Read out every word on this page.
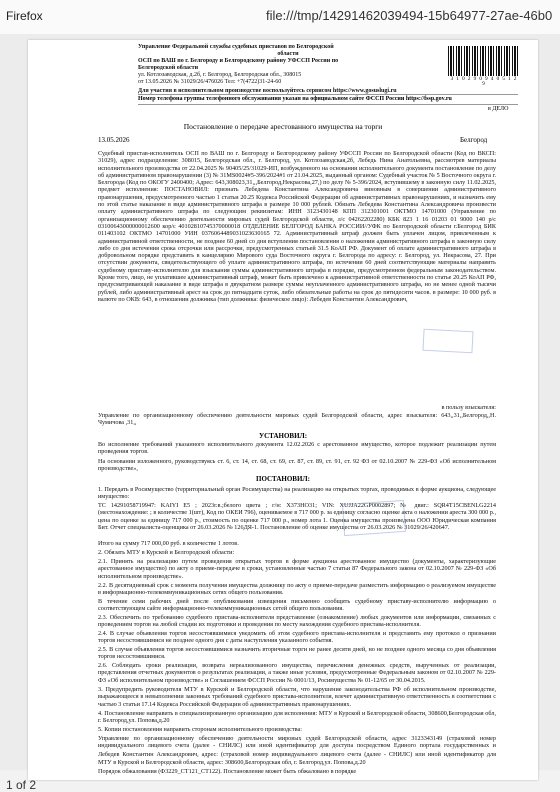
Firefox	file:///tmp/14291462039494-15b64977-27ae-46b0
Управление Федеральной службы судебных приставов по Белгородской
области
ОСП по ВАШ по г. Белгороду и Белгородскому району УФССП России по
Белгородской области
ул. Котлозаводская, д.2б, г. Белгород, Белгородская обл., 308015
от 13.05.2026 № 31029/26/476026 Тел: +7(4722)31-24-60
Для участия в исполнительном производстве воспользуйтесь сервисом https://www.gosuslugi.ru
3 1 0 2 9 0 9 4 0 5 1 2 9
Номер телефона группы телефонного обслуживания указан на официальном сайте ФССП России https://fssp.gov.ru
в ДЕЛО
Постановление о передаче арестованного имущества на торги
13.05.2026	Белгород
Судебный пристав-исполнитель ОСП по ВАШ по г. Белгороду и Белгородскому району УФССП России по Белгородской области (Код по ВКСП: 31029), адрес подразделения: 308015, Белгородская обл., г. Белгород, ул. Котлозаводская,2б, Лебедь Нина Анатольевна, рассмотрев материалы исполнительного производства от 22.04.2025 № 90405/25/31029-ИП, возбужденного на основании исполнительного документа постановление по делу об административном правонарушении (3) № 31MS0024#5-396/2024#1 от 21.04.2025, выданный органом: Судебный участок № 5 Восточного округа г. Белгорода (Код по ОКОГУ 2400400; Адрес: 643,308023,31,,,Белгород,Некрасова,27,) по делу № 5-396/2024, вступившему в законную силу 11.02.2025, предмет исполнения: ПОСТАНОВИЛ: признать Лебедева Константина Александровича виновным в совершении административного правонарушения, предусмотренного частью 1 статьи 20.25 Кодекса Российской Федерации об административных правонарушениях, и назначить ему по этой статье наказание в виде административного штрафа в размере 10 000 рублей. Обязать Лебедева Константина Александровича произвести оплату административного штрафа по следующим реквизитам: ИНН 3123430148 КПП 312301001 ОКТМО 14701000 (Управление по организационному обеспечению деятельности мировых судей Белгородской области, л/с 04262202280) КБК 823 1 16 01203 01 9000 140 р/с 03100643000000012600 кор/с 40102810745370000018 ОТДЕЛЕНИЕ БЕЛГОРОД БАНКА РОССИИ//УФК по Белгородской области г.Белгород БИК 011403102 ОКТМО 14701000 УИН 0376064489031023630165 72. Административный штраф должен быть уплачен лицом, привлеченным к административной ответственности, не позднее 60 дней со дня вступления постановления о наложении административного штрафа в законную силу либо со дня истечения срока отсрочки или рассрочки, предусмотренных статьей 31.5 КоАП РФ. Документ об оплате административного штрафа в добровольном порядке представить в канцелярию Мирового суда Восточного округа г. Белгорода по адресу: г. Белгород, ул. Некрасова, 27. При отсутствии документа, свидетельствующего об уплате административного штрафа, по истечении 60 дней соответствующие материалы направить судебному приставу-исполнителю для взыскания суммы административного штрафа в порядке, предусмотренном федеральным законодательством. Кроме того, лицо, не уплатившее административный штраф, может быть привлечено к административной ответственности по статье 20.25 КоАП РФ, предусматривающей наказание в виде штрафа в двукратном размере суммы неуплаченного административного штрафа, но не менее одной тысячи рублей, либо административный арест на срок до пятнадцати суток, либо обязательные работы на срок до пятидесяти часов. в размере: 10 000 руб. в валюте по ОКВ: 643, в отношении должника (тип должника: физическое лицо): Лебедев Константин Александрович,
в пользу взыскателя:
Управление по организационному обеспечению деятельности мировых судей Белгородской области, адрес взыскателя: 643,,31,,Белгород,,Н. Чумичова ,31,,
УСТАНОВИЛ:
Во исполнение требований указанного исполнительного документа 12.02.2026 с арестованное имущество, которое подлежит реализации путем проведения торгов.
На основании изложенного, руководствуясь ст. 6, ст. 14, ст. 68, ст. 69, ст. 87, ст. 89, ст. 91, ст. 92 ФЗ от 02.10.2007 № 229-ФЗ «Об исполнительном производстве»,
ПОСТАНОВИЛ:
1. Передать в Росимущество (территориальный орган Росимущества) на реализацию на открытых торгах, проводимых в форме аукциона, следующее имущество:
ТС 14291058719947: KAIYI E5 ; 2023г.в.;белого цвета ; г/н: X373НО31; VIN: XUJJA22GP0002897; № двиг.: SQR4T15CBENLG2214 (местонахождение: ; в количестве 1(шт), Код по ОКЕИ 796), оцениваемое в 717 000 р. за единицу согласно оценке акта о наложении ареста 300 000 р., цена по оценке за единицу 717 000 р., стоимость по оценке 717 000 р., номер лота 1. Оценка имущества произведена ООО Юридическая компания Бит. Отчет специалиста-оценщика от 26.03.2026 № 126ДЯ-1. Постановление об оценке имущества от 26.03.2026 № 31029/26/420647.
Итого на сумму 717 000,00 руб. в количестве 1 лотов.
2. Обязать МТУ в Курской и Белгородской области:
2.1. Принять на реализацию путем проведения открытых торгов в форме аукциона арестованное имущество (документы, характеризующие арестованное имущество) по акту о приеме-передаче в сроки, установленные частью 7 статьи 87 Федерального закона от 02.10.2007 № 229-ФЗ «Об исполнительном производстве».
2.2. В десятидневный срок с момента получения имущества должнику по акту о приеме-передаче разместить информацию о реализуемом имуществе в информационно-телекоммуникационных сетях общего пользования.
В течение семи рабочих дней после опубликования извещения письменно сообщить судебному приставу-исполнителю информацию о соответствующем сайте информационно-телекоммуникационных сетей общего пользования.
2.3. Обеспечить по требованию судебного пристава-исполнителя представление (ознакомление) любых документов или информации, связанных с проведением торгов на любой стадии их подготовки и проведения по месту нахождения судебного пристава-исполнителя.
2.4. В случае объявления торгов несостоявшимися уведомить об этом судебного пристава-исполнителя и представить ему протокол о признании торгов несостоявшимися не позднее одного дня с даты наступления указанного события.
2.5. В случае объявления торгов несостоявшимися назначить вторичные торги не ранее десяти дней, но не позднее одного месяца со дня объявления торгов несостоявшимися.
2.6. Соблюдать сроки реализации, возврата нереализованного имущества, перечисления денежных средств, вырученных от реализации, представления отчетных документов о результатах реализации, а также иные условия, предусмотренные Федеральным законом от 02.10.2007 № 229-ФЗ «Об исполнительном производстве» и Соглашением ФССП России № 0001/13, Росимущества № 01-12/65 от 30.04.2015.
3. Предупредить руководителя МТУ в Курской и Белгородской области, что нарушение законодательства РФ об исполнительном производстве, выражающееся в невыполнении законных требований судебного пристава-исполнителя, влечет административную ответственность в соответствии с частью 3 статьи 17.14 Кодекса Российской Федерации об административных правонарушениях.
4. Постановление направить в специализированную организацию для исполнения: МТУ в Курской и Белгородской области, 308600,Белгородская обл, г. Белгород,ул. Попова,д.20
5. Копии постановления направить сторонам исполнительного производства:
Управление по организационному обеспечению деятельности мировых судей Белгородской области, адрес 3123343149 (страховой номер индивидуального лицевого счета (далее - СНИЛС) или иной идентификатор для доступа посредством Единого портала государственных и
Лебедев Константин Александрович, адрес: (страховой номер индивидуального лицевого счета (далее - СНИЛС) или иной идентификатор для
МТУ в Курской и Белгородской области, адрес: 308600,Белгородская обл, г. Белгород,ул. Попова,д.20
Порядок обжалования (Ф3229_СТ121_СТ122). Постановление может быть обжаловано в порядке
1 of 2
